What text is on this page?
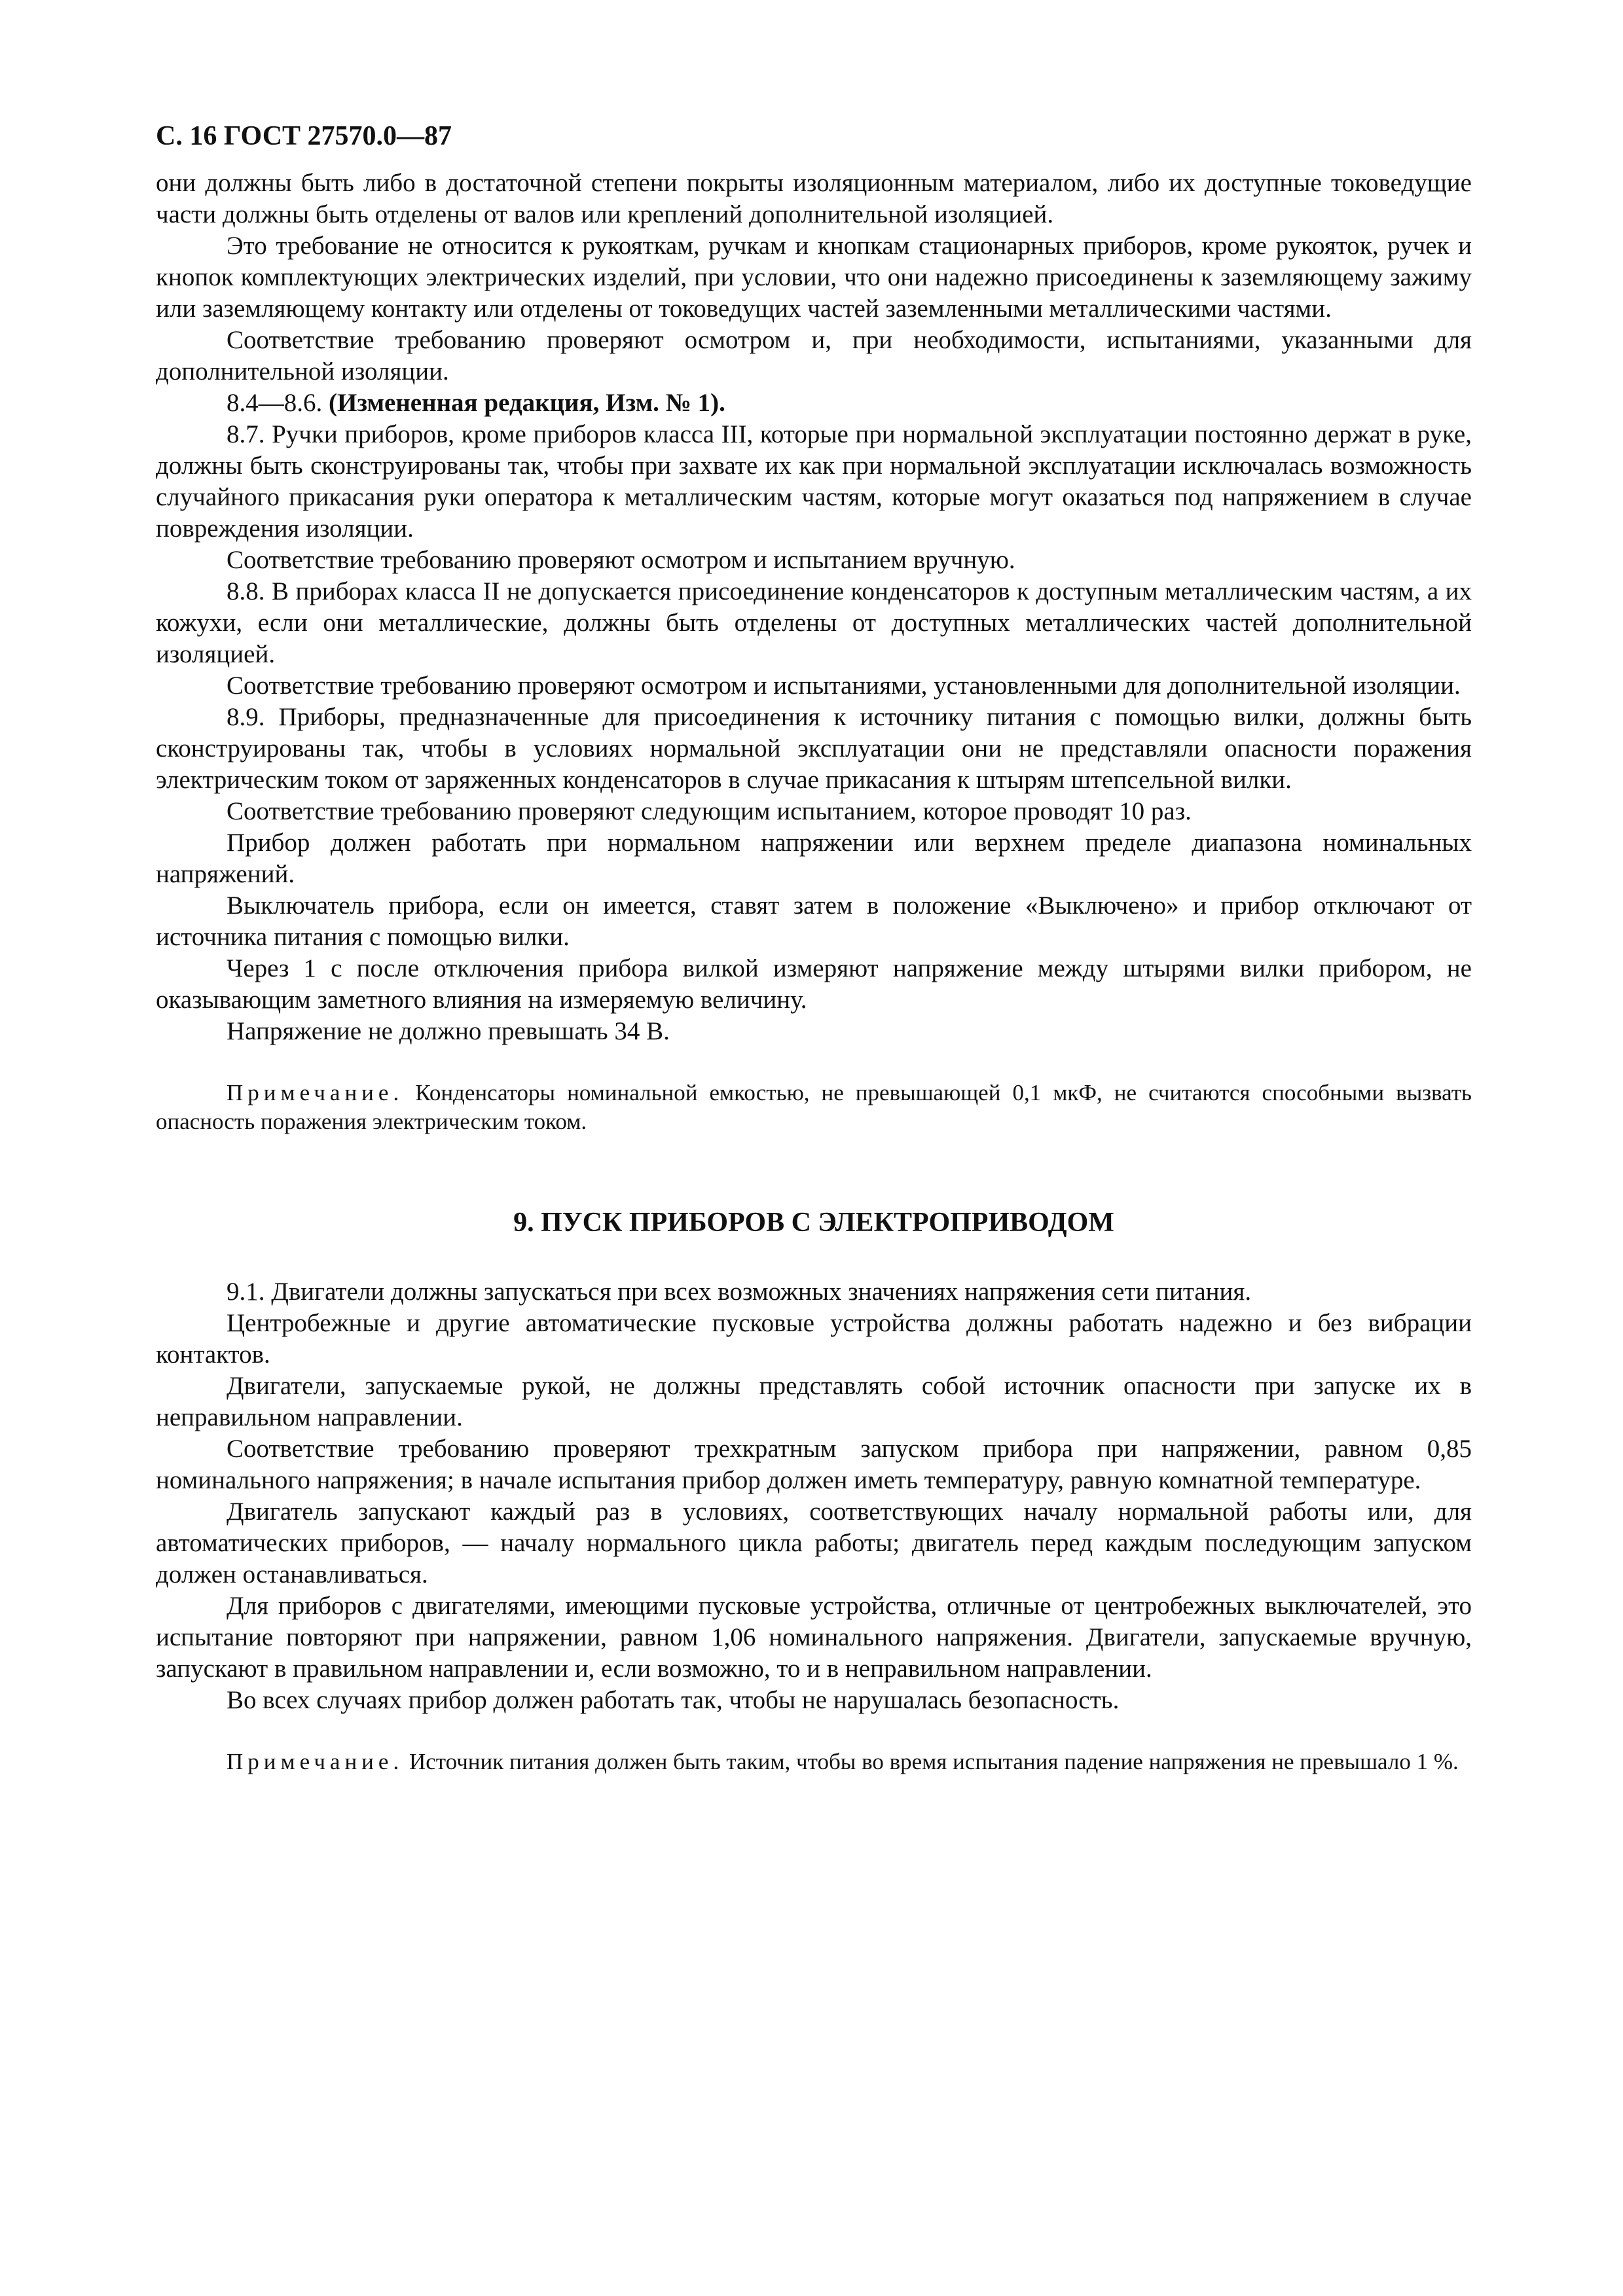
С. 16 ГОСТ 27570.0—87

они должны быть либо в достаточной степени покрыты изоляционным материалом, либо их доступные токоведущие части должны быть отделены от валов или креплений дополнительной изоляцией.

Это требование не относится к рукояткам, ручкам и кнопкам стационарных приборов, кроме рукояток, ручек и кнопок комплектующих электрических изделий, при условии, что они надежно присоединены к заземляющему зажиму или заземляющему контакту или отделены от токоведущих частей заземленными металлическими частями.

Соответствие требованию проверяют осмотром и, при необходимости, испытаниями, указанными для дополнительной изоляции.

8.4—8.6. (Измененная редакция, Изм. № 1).

8.7. Ручки приборов, кроме приборов класса III, которые при нормальной эксплуатации постоянно держат в руке, должны быть сконструированы так, чтобы при захвате их как при нормальной эксплуатации исключалась возможность случайного прикасания руки оператора к металлическим частям, которые могут оказаться под напряжением в случае повреждения изоляции.

Соответствие требованию проверяют осмотром и испытанием вручную.

8.8. В приборах класса II не допускается присоединение конденсаторов к доступным металлическим частям, а их кожухи, если они металлические, должны быть отделены от доступных металлических частей дополнительной изоляцией.

Соответствие требованию проверяют осмотром и испытаниями, установленными для дополнительной изоляции.

8.9. Приборы, предназначенные для присоединения к источнику питания с помощью вилки, должны быть сконструированы так, чтобы в условиях нормальной эксплуатации они не представляли опасности поражения электрическим током от заряженных конденсаторов в случае прикасания к штырям штепсельной вилки.

Соответствие требованию проверяют следующим испытанием, которое проводят 10 раз.

Прибор должен работать при нормальном напряжении или верхнем пределе диапазона номинальных напряжений.

Выключатель прибора, если он имеется, ставят затем в положение «Выключено» и прибор отключают от источника питания с помощью вилки.

Через 1 с после отключения прибора вилкой измеряют напряжение между штырями вилки прибором, не оказывающим заметного влияния на измеряемую величину.

Напряжение не должно превышать 34 В.

Примечание. Конденсаторы номинальной емкостью, не превышающей 0,1 мкФ, не считаются способными вызвать опасность поражения электрическим током.

9. ПУСК ПРИБОРОВ С ЭЛЕКТРОПРИВОДОМ

9.1. Двигатели должны запускаться при всех возможных значениях напряжения сети питания.

Центробежные и другие автоматические пусковые устройства должны работать надежно и без вибрации контактов.

Двигатели, запускаемые рукой, не должны представлять собой источник опасности при запуске их в неправильном направлении.

Соответствие требованию проверяют трехкратным запуском прибора при напряжении, равном 0,85 номинального напряжения; в начале испытания прибор должен иметь температуру, равную комнатной температуре.

Двигатель запускают каждый раз в условиях, соответствующих началу нормальной работы или, для автоматических приборов, — началу нормального цикла работы; двигатель перед каждым последующим запуском должен останавливаться.

Для приборов с двигателями, имеющими пусковые устройства, отличные от центробежных выключателей, это испытание повторяют при напряжении, равном 1,06 номинального напряжения. Двигатели, запускаемые вручную, запускают в правильном направлении и, если возможно, то и в неправильном направлении.

Во всех случаях прибор должен работать так, чтобы не нарушалась безопасность.

Примечание. Источник питания должен быть таким, чтобы во время испытания падение напряжения не превышало 1 %.
